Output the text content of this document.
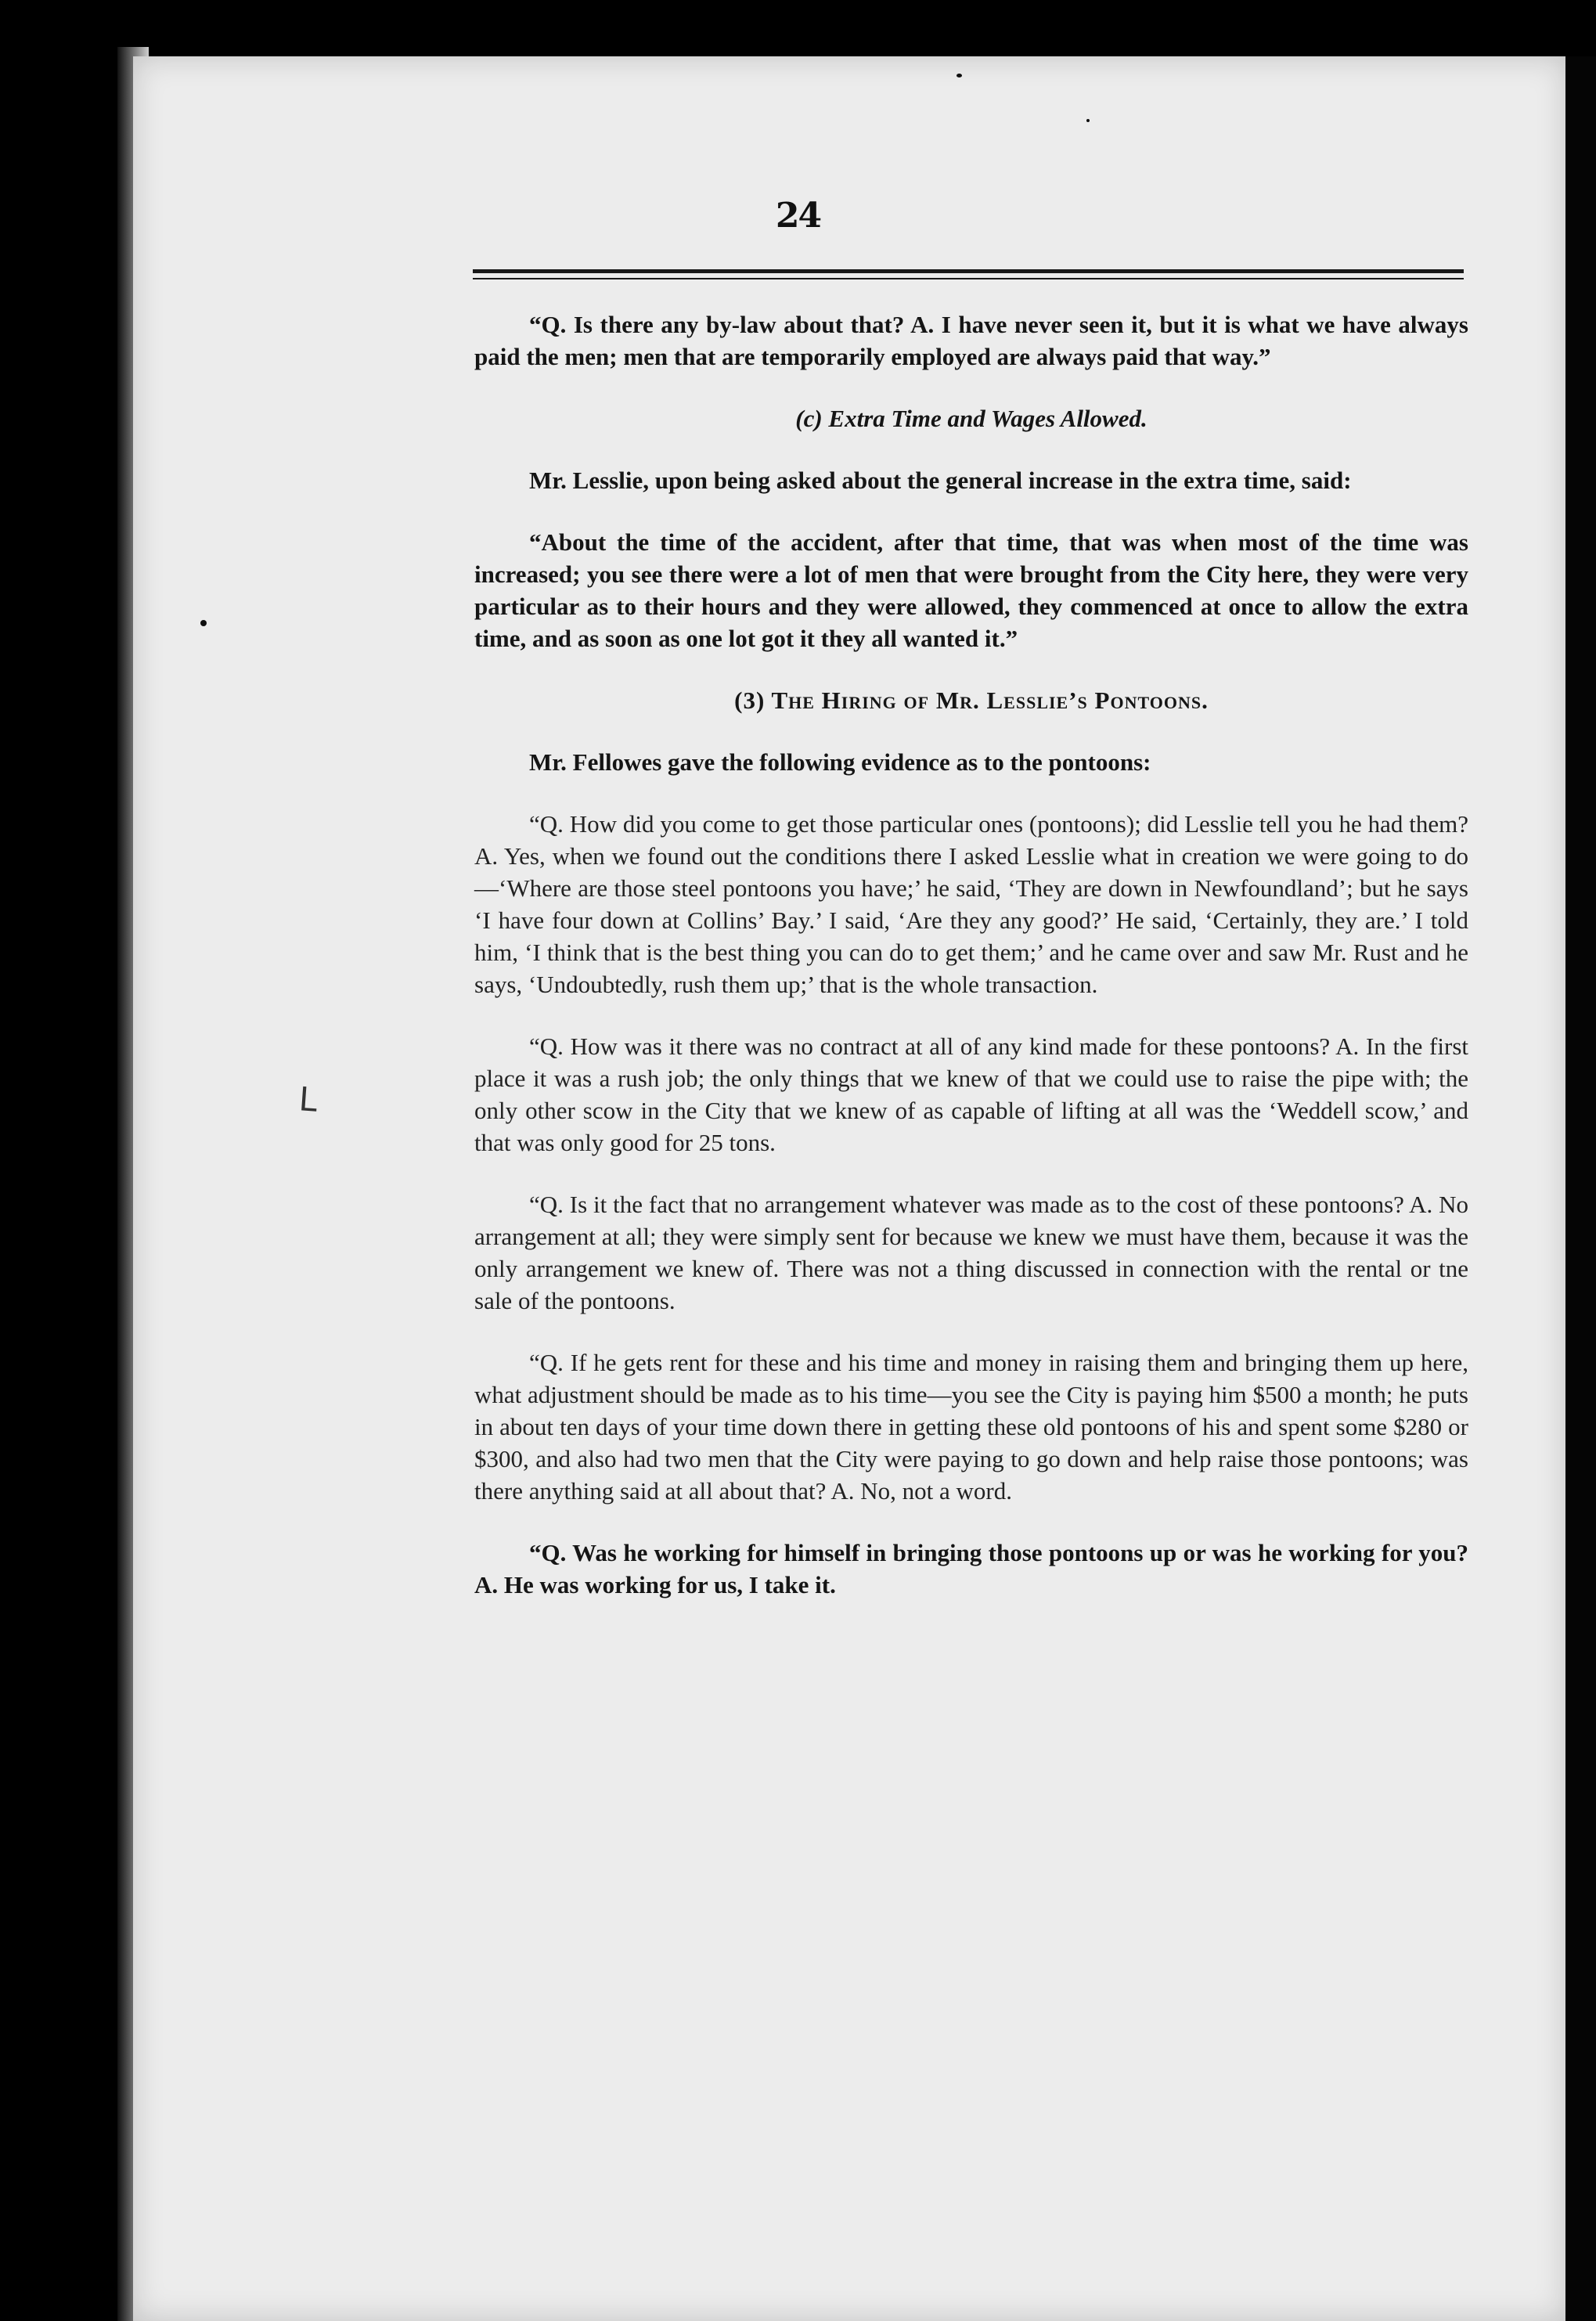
24
L

“Q. Is there any by-law about that? A. I have never seen it, but it is what we have always paid the men; men that are temporarily employed are always paid that way.”

(c) Extra Time and Wages Allowed.

Mr. Lesslie, upon being asked about the general increase in the extra time, said:

“About the time of the accident, after that time, that was when most of the time was increased; you see there were a lot of men that were brought from the City here, they were very particular as to their hours and they were allowed, they commenced at once to allow the extra time, and as soon as one lot got it they all wanted it.”

(3) The Hiring of Mr. Lesslie’s Pontoons.

Mr. Fellowes gave the following evidence as to the pontoons:

“Q. How did you come to get those particular ones (pontoons); did Lesslie tell you he had them? A. Yes, when we found out the conditions there I asked Lesslie what in creation we were going to do—‘Where are those steel pontoons you have;’ he said, ‘They are down in Newfoundland’; but he says ‘I have four down at Collins’ Bay.’ I said, ‘Are they any good?’ He said, ‘Certainly, they are.’ I told him, ‘I think that is the best thing you can do to get them;’ and he came over and saw Mr. Rust and he says, ‘Undoubtedly, rush them up;’ that is the whole transaction.

“Q. How was it there was no contract at all of any kind made for these pontoons? A. In the first place it was a rush job; the only things that we knew of that we could use to raise the pipe with; the only other scow in the City that we knew of as capable of lifting at all was the ‘Weddell scow,’ and that was only good for 25 tons.

“Q. Is it the fact that no arrangement whatever was made as to the cost of these pontoons? A. No arrangement at all; they were simply sent for because we knew we must have them, because it was the only arrangement we knew of. There was not a thing discussed in connection with the rental or tne sale of the pontoons.

“Q. If he gets rent for these and his time and money in raising them and bringing them up here, what adjustment should be made as to his time—you see the City is paying him $500 a month; he puts in about ten days of your time down there in getting these old pontoons of his and spent some $280 or $300, and also had two men that the City were paying to go down and help raise those pontoons; was there anything said at all about that? A. No, not a word.

“Q. Was he working for himself in bringing those pontoons up or was he working for you? A. He was working for us, I take it.
